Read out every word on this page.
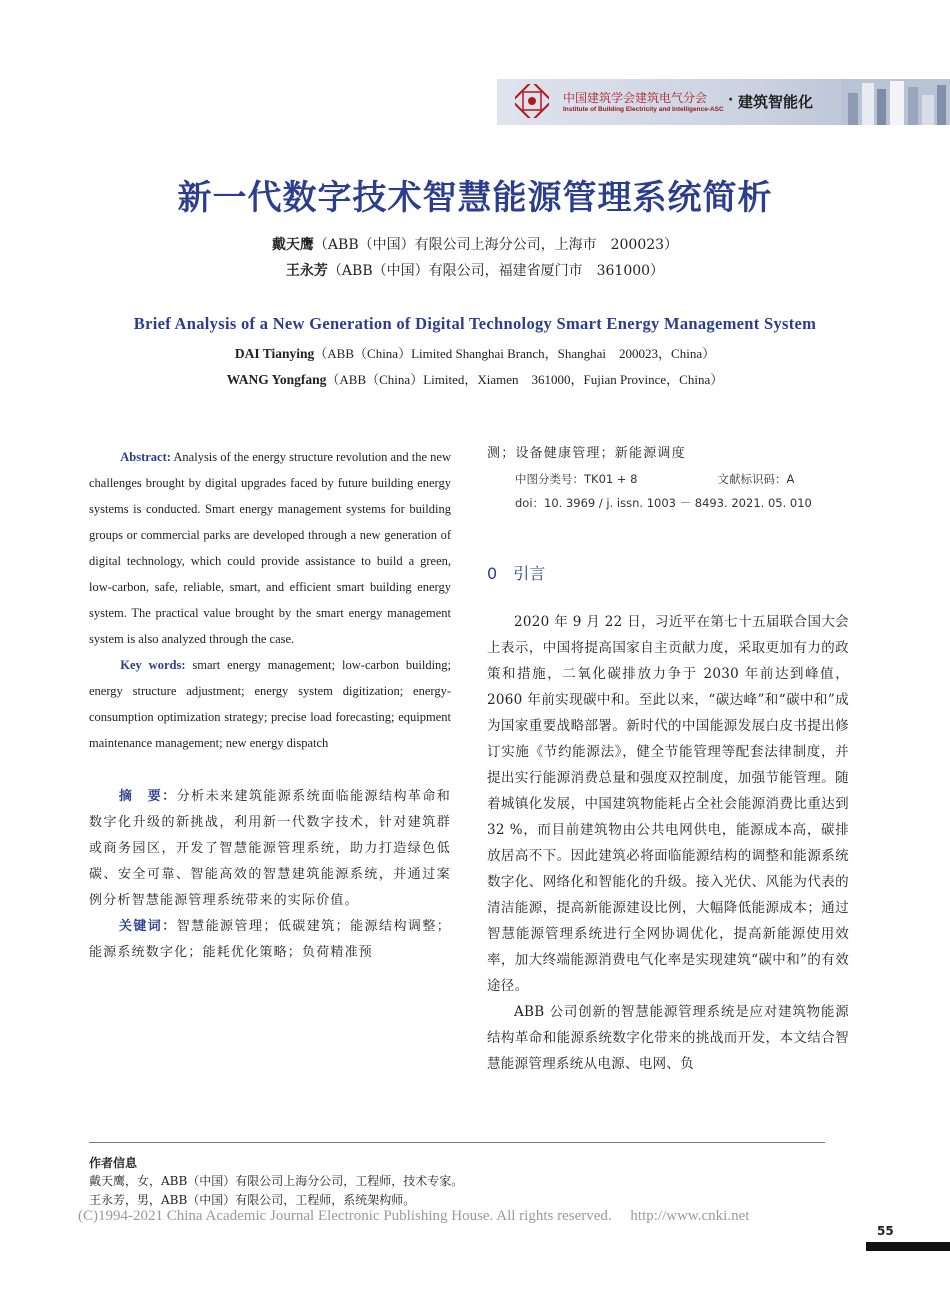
中国建筑学会建筑电气分会
Institute of Building Electricity and Intelligence-ASC
· 建筑智能化
新一代数字技术智慧能源管理系统简析
戴天鹰（ABB（中国）有限公司上海分公司，上海市　200023）
王永芳（ABB（中国）有限公司，福建省厦门市　361000）
Brief Analysis of a New Generation of Digital Technology Smart Energy Management System
DAI Tianying（ABB（China）Limited Shanghai Branch，Shanghai　200023，China）
WANG Yongfang（ABB（China）Limited，Xiamen　361000，Fujian Province，China）

Abstract: Analysis of the energy structure revolution and the new challenges brought by digital upgrades faced by future building energy systems is conducted. Smart energy management systems for building groups or commercial parks are developed through a new generation of digital technology, which could provide assistance to build a green, low-carbon, safe, reliable, smart, and efficient smart building energy system. The practical value brought by the smart energy management system is also analyzed through the case.

Key words: smart energy management; low-carbon building; energy structure adjustment; energy system digitization; energy-consumption optimization strategy; precise load forecasting; equipment maintenance management; new energy dispatch

摘　要：分析未来建筑能源系统面临能源结构革命和数字化升级的新挑战，利用新一代数字技术，针对建筑群或商务园区，开发了智慧能源管理系统，助力打造绿色低碳、安全可靠、智能高效的智慧建筑能源系统，并通过案例分析智慧能源管理系统带来的实际价值。

关键词：智慧能源管理；低碳建筑；能源结构调整；能源系统数字化；能耗优化策略；负荷精准预

测；设备健康管理；新能源调度
中图分类号：TK01 + 8	文献标识码：A
doi：10. 3969 / j. issn. 1003 － 8493. 2021. 05. 010
0 引言

2020 年 9 月 22 日，习近平在第七十五届联合国大会上表示，中国将提高国家自主贡献力度，采取更加有力的政策和措施，二氧化碳排放力争于 2030 年前达到峰值，2060 年前实现碳中和。至此以来，“碳达峰”和“碳中和”成为国家重要战略部署。新时代的中国能源发展白皮书提出修订实施《节约能源法》，健全节能管理等配套法律制度，并提出实行能源消费总量和强度双控制度，加强节能管理。随着城镇化发展，中国建筑物能耗占全社会能源消费比重达到 32 %，而目前建筑物由公共电网供电，能源成本高，碳排放居高不下。因此建筑必将面临能源结构的调整和能源系统数字化、网络化和智能化的升级。接入光伏、风能为代表的清洁能源，提高新能源建设比例，大幅降低能源成本；通过智慧能源管理系统进行全网协调优化，提高新能源使用效率，加大终端能源消费电气化率是实现建筑“碳中和”的有效途径。

ABB 公司创新的智慧能源管理系统是应对建筑物能源结构革命和能源系统数字化带来的挑战而开发，本文结合智慧能源管理系统从电源、电网、负

作者信息
戴天鹰，女，ABB（中国）有限公司上海分公司，工程师，技术专家。
王永芳，男，ABB（中国）有限公司，工程师，系统架构师。
(C)1994-2021 China Academic Journal Electronic Publishing House. All rights reserved.　 http://www.cnki.net
55
